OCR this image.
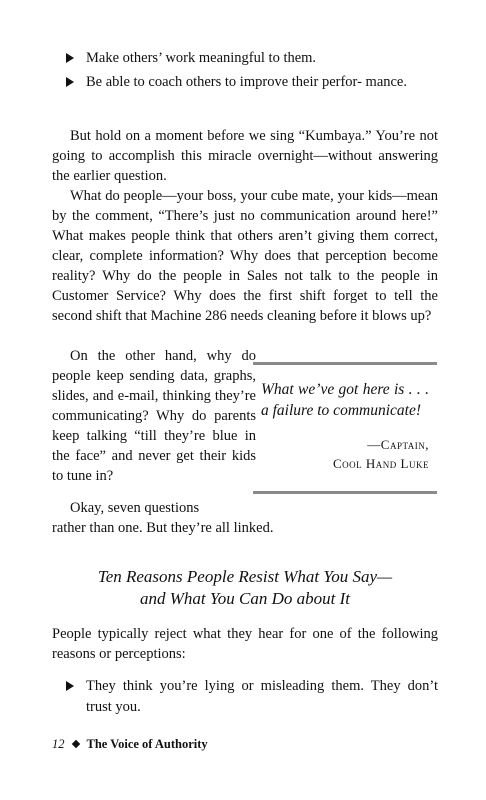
Make others’ work meaningful to them.
Be able to coach others to improve their perfor- mance.

But hold on a moment before we sing “Kumbaya.” You’re not going to accomplish this miracle overnight—without answering the earlier question.

What do people—your boss, your cube mate, your kids—mean by the comment, “There’s just no communication around here!” What makes people think that others aren’t giving them correct, clear, complete information? Why does that perception become reality? Why do the people in Sales not talk to the people in Customer Service? Why does the first shift forget to tell the second shift that Machine 286 needs cleaning before it blows up?

On the other hand, why do people keep sending data, graphs, slides, and e-mail, thinking they’re communicating? Why do parents keep talking “till they’re blue in the face” and never get their kids to tune in?

Okay, seven questions

rather than one. But they’re all linked.

What we’ve got here is . . . a failure to communicate!

—Captain,
Cool Hand Luke
Ten Reasons People Resist What You Say—
and What You Can Do about It

People typically reject what they hear for one of the following reasons or perceptions:

They think you’re lying or misleading them. They don’t trust you.
12 The Voice of Authority
